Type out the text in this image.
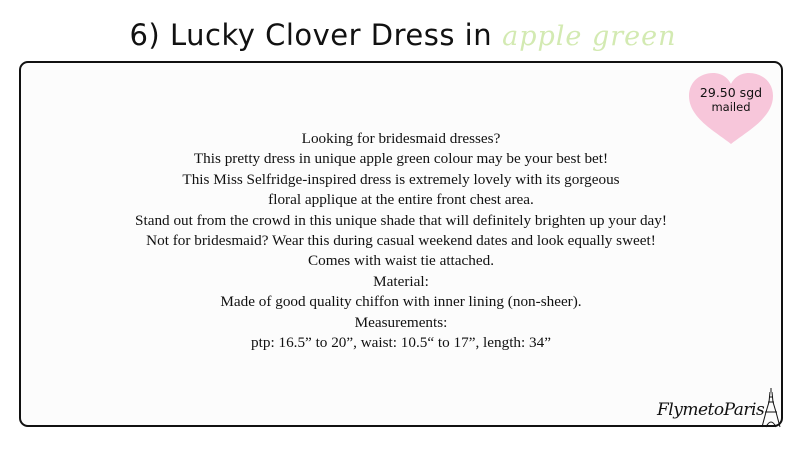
6) Lucky Clover Dress in apple green
29.50 sgd
mailed
Looking for bridesmaid dresses?
This pretty dress in unique apple green colour may be your best bet!
This Miss Selfridge-inspired dress is extremely lovely with its gorgeous
floral applique at the entire front chest area.
Stand out from the crowd in this unique shade that will definitely brighten up your day!
Not for bridesmaid? Wear this during casual weekend dates and look equally sweet!
Comes with waist tie attached.
Material:
Made of good quality chiffon with inner lining (non-sheer).
Measurements:
ptp: 16.5” to 20”, waist: 10.5“ to 17”, length: 34”
FlymetoParis
